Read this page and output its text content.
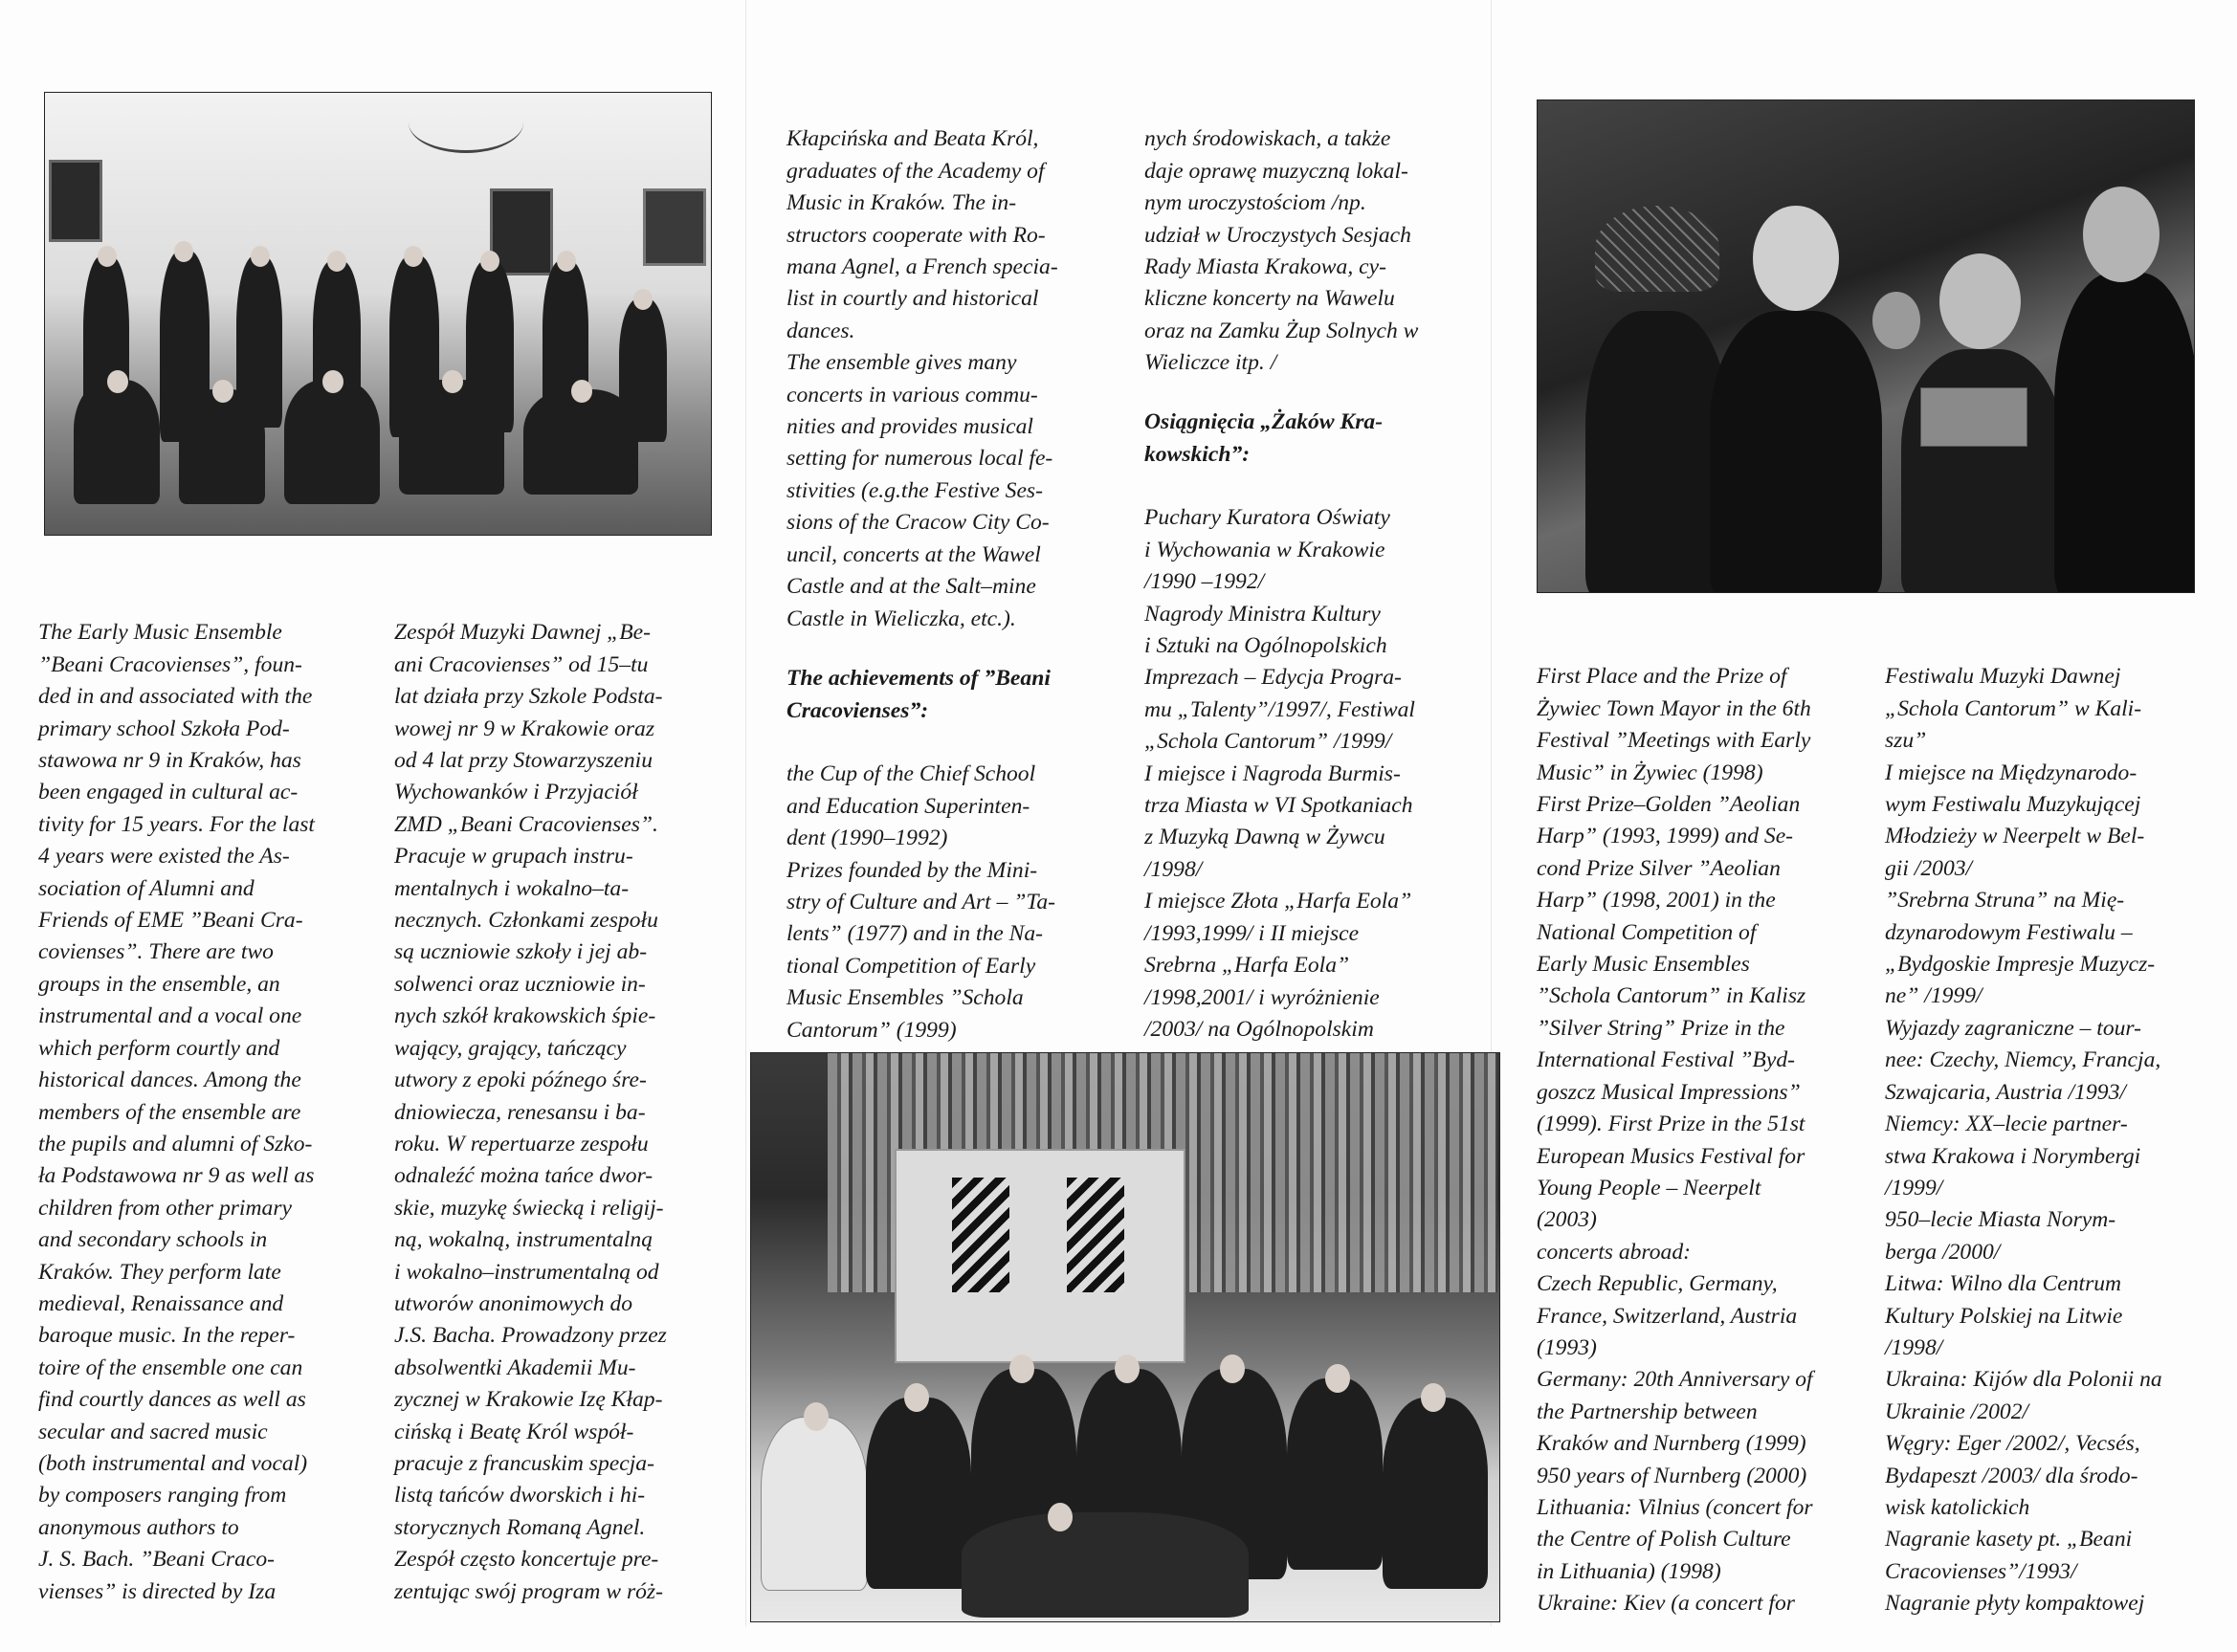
The Early Music Ensemble
”Beani Cracovienses”, foun-
ded in and associated with the
primary school Szkoła Pod-
stawowa nr 9 in Kraków, has
been engaged in cultural ac-
tivity for 15 years. For the last
4 years were existed the As-
sociation of Alumni and
Friends of EME ”Beani Cra-
covienses”. There are two
groups in the ensemble, an
instrumental and a vocal one
which perform courtly and
historical dances. Among the
members of the ensemble are
the pupils and alumni of Szko-
ła Podstawowa nr 9 as well as
children from other primary
and secondary schools in
Kraków. They perform late
medieval, Renaissance and
baroque music. In the reper-
toire of the ensemble one can
find courtly dances as well as
secular and sacred music
(both instrumental and vocal)
by composers ranging from
anonymous authors to
J. S. Bach. ”Beani Craco-
vienses” is directed by Iza

Zespół Muzyki Dawnej „Be-
ani Cracovienses” od 15–tu
lat działa przy Szkole Podsta-
wowej nr 9 w Krakowie oraz
od 4 lat przy Stowarzyszeniu
Wychowanków i Przyjaciół
ZMD „Beani Cracovienses”.
Pracuje w grupach instru-
mentalnych i wokalno–ta-
necznych. Członkami zespołu
są uczniowie szkoły i jej ab-
solwenci oraz uczniowie in-
nych szkół krakowskich śpie-
wający, grający, tańczący
utwory z epoki późnego śre-
dniowiecza, renesansu i ba-
roku. W repertuarze zespołu
odnaleźć można tańce dwor-
skie, muzykę świecką i religij-
ną, wokalną, instrumentalną
i wokalno–instrumentalną od
utworów anonimowych do
J.S. Bacha. Prowadzony przez
absolwentki Akademii Mu-
zycznej w Krakowie Izę Kłap-
cińską i Beatę Król współ-
pracuje z francuskim specja-
listą tańców dworskich i hi-
storycznych Romaną Agnel.
Zespół często koncertuje pre-
zentując swój program w róż-

Kłapcińska and Beata Król,
graduates of the Academy of
Music in Kraków. The in-
structors cooperate with Ro-
mana Agnel, a French specia-
list in courtly and historical
dances.
The ensemble gives many
concerts in various commu-
nities and provides musical
setting for numerous local fe-
stivities (e.g.the Festive Ses-
sions of the Cracow City Co-
uncil, concerts at the Wawel
Castle and at the Salt–mine
Castle in Wieliczka, etc.).

The achievements of ”Beani
Cracovienses”:

the Cup of the Chief School
and Education Superinten-
dent (1990–1992)
Prizes founded by the Mini-
stry of Culture and Art – ”Ta-
lents” (1977) and in the Na-
tional Competition of Early
Music Ensembles ”Schola
Cantorum” (1999)

nych środowiskach, a także
daje oprawę muzyczną lokal-
nym uroczystościom /np.
udział w Uroczystych Sesjach
Rady Miasta Krakowa, cy-
kliczne koncerty na Wawelu
oraz na Zamku Żup Solnych w
Wieliczce itp. /

Osiągnięcia „Żaków Kra-
kowskich”:

Puchary Kuratora Oświaty
i Wychowania w Krakowie
/1990 –1992/
Nagrody Ministra Kultury
i Sztuki na Ogólnopolskich
Imprezach – Edycja Progra-
mu „Talenty”/1997/, Festiwal
„Schola Cantorum” /1999/
I miejsce i Nagroda Burmis-
trza Miasta w VI Spotkaniach
z Muzyką Dawną w Żywcu
/1998/
I miejsce Złota „Harfa Eola”
/1993,1999/ i II miejsce
Srebrna „Harfa Eola”
/1998,2001/ i wyróżnienie
/2003/ na Ogólnopolskim

First Place and the Prize of
Żywiec Town Mayor in the 6th
Festival ”Meetings with Early
Music” in Żywiec (1998)
First Prize–Golden ”Aeolian
Harp” (1993, 1999) and Se-
cond Prize Silver ”Aeolian
Harp” (1998, 2001) in the
National Competition of
Early Music Ensembles
”Schola Cantorum” in Kalisz
”Silver String” Prize in the
International Festival ”Byd-
goszcz Musical Impressions”
(1999). First Prize in the 51st
European Musics Festival for
Young People – Neerpelt
(2003)
concerts abroad:
Czech Republic, Germany,
France, Switzerland, Austria
(1993)
Germany: 20th Anniversary of
the Partnership between
Kraków and Nurnberg (1999)
950 years of Nurnberg (2000)
Lithuania: Vilnius (concert for
the Centre of Polish Culture
in Lithuania) (1998)
Ukraine: Kiev (a concert for

Festiwalu Muzyki Dawnej
„Schola Cantorum” w Kali-
szu”
I miejsce na Międzynarodo-
wym Festiwalu Muzykującej
Młodzieży w Neerpelt w Bel-
gii /2003/
”Srebrna Struna” na Mię-
dzynarodowym Festiwalu –
„Bydgoskie Impresje Muzycz-
ne” /1999/
Wyjazdy zagraniczne – tour-
nee: Czechy, Niemcy, Francja,
Szwajcaria, Austria /1993/
Niemcy: XX–lecie partner-
stwa Krakowa i Norymbergi
/1999/
950–lecie Miasta Norym-
berga /2000/
Litwa: Wilno dla Centrum
Kultury Polskiej na Litwie
/1998/
Ukraina: Kijów dla Polonii na
Ukrainie /2002/
Węgry: Eger /2002/, Vecsés,
Bydapeszt /2003/ dla środo-
wisk katolickich
Nagranie kasety pt. „Beani
Cracovienses”/1993/
Nagranie płyty kompaktowej
